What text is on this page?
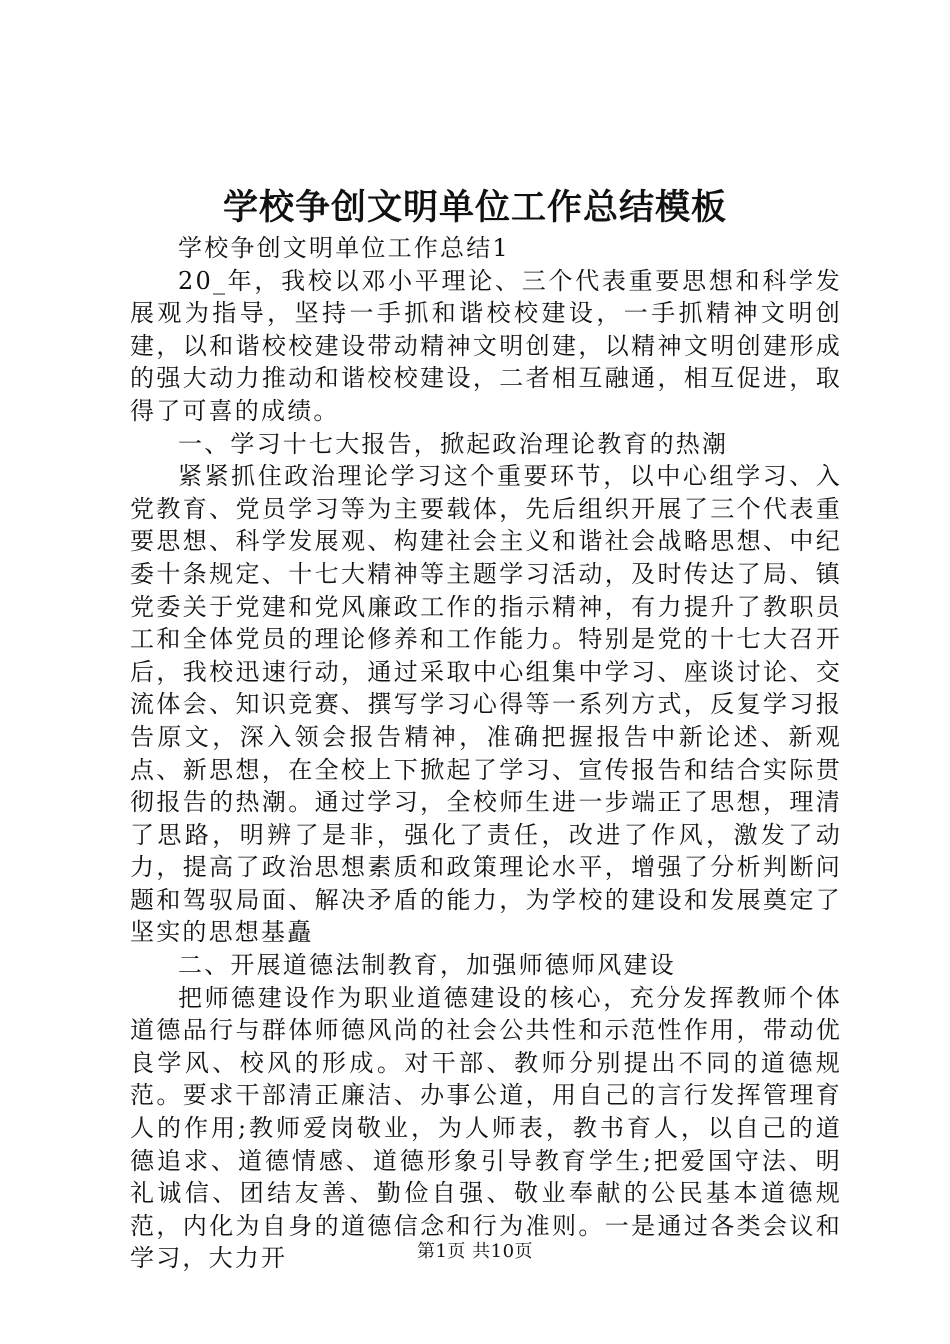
学校争创文明单位工作总结模板

学校争创文明单位工作总结1

20_年，我校以邓小平理论、三个代表重要思想和科学发展观为指导，坚持一手抓和谐校校建设，一手抓精神文明创建，以和谐校校建设带动精神文明创建，以精神文明创建形成的强大动力推动和谐校校建设，二者相互融通，相互促进，取得了可喜的成绩。

一、学习十七大报告，掀起政治理论教育的热潮

紧紧抓住政治理论学习这个重要环节，以中心组学习、入党教育、党员学习等为主要载体，先后组织开展了三个代表重要思想、科学发展观、构建社会主义和谐社会战略思想、中纪委十条规定、十七大精神等主题学习活动，及时传达了局、镇党委关于党建和党风廉政工作的指示精神，有力提升了教职员工和全体党员的理论修养和工作能力。特别是党的十七大召开后，我校迅速行动，通过采取中心组集中学习、座谈讨论、交流体会、知识竞赛、撰写学习心得等一系列方式，反复学习报告原文，深入领会报告精神，准确把握报告中新论述、新观点、新思想，在全校上下掀起了学习、宣传报告和结合实际贯彻报告的热潮。通过学习，全校师生进一步端正了思想，理清了思路，明辨了是非，强化了责任，改进了作风，激发了动力，提高了政治思想素质和政策理论水平，增强了分析判断问题和驾驭局面、解决矛盾的能力，为学校的建设和发展奠定了坚实的思想基矗

二、开展道德法制教育，加强师德师风建设

把师德建设作为职业道德建设的核心，充分发挥教师个体道德品行与群体师德风尚的社会公共性和示范性作用，带动优良学风、校风的形成。对干部、教师分别提出不同的道德规范。要求干部清正廉洁、办事公道，用自己的言行发挥管理育人的作用;教师爱岗敬业，为人师表，教书育人，以自己的道德追求、道德情感、道德形象引导教育学生;把爱国守法、明礼诚信、团结友善、勤俭自强、敬业奉献的公民基本道德规范，内化为自身的道德信念和行为准则。一是通过各类会议和学习，大力开	第1页 共10页
